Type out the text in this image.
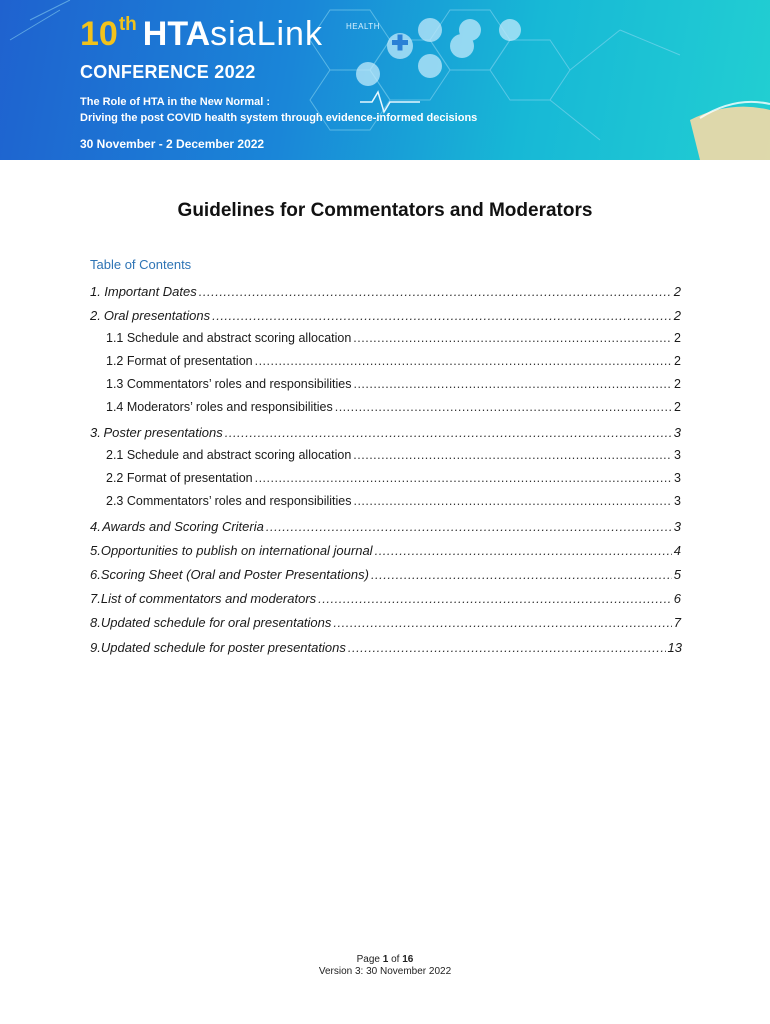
10th HTAsiaLink	HEALTH
CONFERENCE 2022
The Role of HTA in the New Normal :
Driving the post COVID health system through evidence-informed decisions
30 November - 2 December 2022
Guidelines for Commentators and Moderators
Table of Contents
1. Important Dates .....	2
2. Oral presentations .....	2
1.1 Schedule and abstract scoring allocation .....	2
1.2 Format of presentation .....	2
1.3 Commentators’ roles and responsibilities .....	2
1.4 Moderators’ roles and responsibilities .....	2
3. Poster presentations .....	3
2.1 Schedule and abstract scoring allocation .....	3
2.2 Format of presentation .....	3
2.3 Commentators’ roles and responsibilities .....	3
4. Awards and Scoring Criteria .....	3
5. Opportunities to publish on international journal .....	4
6. Scoring Sheet (Oral and Poster Presentations) .....	5
7. List of commentators and moderators .....	6
8. Updated schedule for oral presentations .....	7
9. Updated schedule for poster presentations .....	13
Page 1 of 16
Version 3: 30 November 2022
